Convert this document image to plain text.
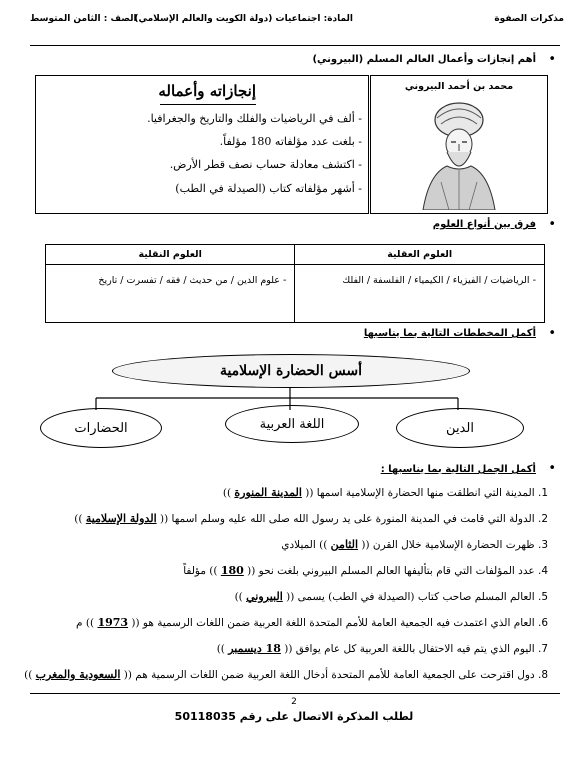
مذكرات الصفوة
المادة: اجتماعيات (دولة الكويت والعالم الإسلامي)
الصف : الثامن المتوسط
•
أهم إنجازات وأعمال العالم المسلم (البيروني)
إنجازاته وأعماله
- ألف في الرياضيات والفلك والتاريخ والجغرافيا.
- بلغت عدد مؤلفاته 180 مؤلفاً.
- اكتشف معادلة حساب نصف قطر الأرض.
- أشهر مؤلفاته كتاب (الصيدلة في الطب)
محمد بن أحمد البيروني
•
فرق بين أنواع العلوم
العلوم العقلية	العلوم النقلية
- الرياضيات / الفيزياء / الكيمياء / الفلسفة / الفلك	- علوم الدين / من حديث / فقه / تفسرت / تاريخ
•
أكمل المخططات التالية بما يناسبها
أسس الحضارة الإسلامية
الدين
اللغة العربية
الحضارات
•
أكمل الجمل التالية بما يناسبها :
1. المدينة التي انطلقت منها الحضارة الإسلامية اسمها (( المدينة المنورة ))
2. الدولة التي قامت في المدينة المنورة على يد رسول الله صلى الله عليه وسلم اسمها (( الدولة الإسلامية ))
3. ظهرت الحضارة الإسلامية خلال القرن (( الثامن )) الميلادي
4. عدد المؤلفات التي قام بتأليفها العالم المسلم البيروني بلغت نحو (( 180 )) مؤلفاً
5. العالم المسلم صاحب كتاب (الصيدلة في الطب) يسمى (( البيروني ))
6. العام الذي اعتمدت فيه الجمعية العامة للأمم المتحدة اللغة العربية ضمن اللغات الرسمية هو (( 1973 )) م
7. اليوم الذي يتم فيه الاحتفال باللغة العربية كل عام يوافق (( 18 ديسمبر ))
8. دول اقترحت على الجمعية العامة للأمم المتحدة أدخال اللغة العربية ضمن اللغات الرسمية هم (( السعودية والمغرب ))
2
لطلب المذكرة الاتصال على رقم 50118035
